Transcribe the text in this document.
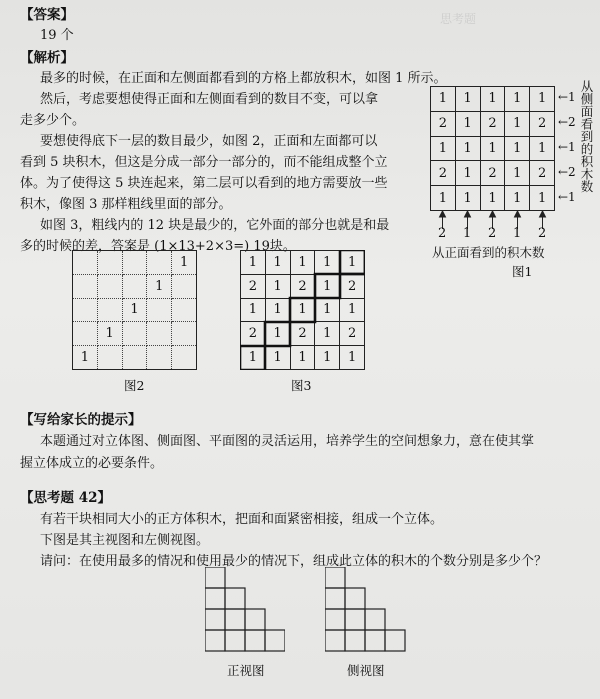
思考题
【答案】
19 个
【解析】
最多的时候，在正面和左侧面都看到的方格上都放积木，如图 1 所示。
然后，考虑要想使得正面和左侧面看到的数目不变，可以拿
走多少个。
要想使得底下一层的数目最少，如图 2，正面和左面都可以
看到 5 块积木，但这是分成一部分一部分的，而不能组成整个立
体。为了使得这 5 块连起来，第二层可以看到的地方需要放一些
积木，像图 3 那样粗线里面的部分。
如图 3，粗线内的 12 块是最少的，它外面的部分也就是和最
多的时候的差，答案是 (1×13+2×3=) 19块。
1	1	1	1	1
2	1	2	1	2
1	1	1	1	1
2	1	2	1	2
1	1	1	1	1
←1
←2
←1
←2
←1
从侧面看到的积木数
2 1 2 1 2
从正面看到的积木数
图1
				1
			1	
		1		
	1			
1				
图2
1	1	1	1	1
2	1	2	1	2
1	1	1	1	1
2	1	2	1	2
1	1	1	1	1
图3
【写给家长的提示】
本题通过对立体图、侧面图、平面图的灵活运用，培养学生的空间想象力，意在使其掌
握立体成立的必要条件。
【思考题 42】
有若干块相同大小的正方体积木，把面和面紧密相接，组成一个立体。
下图是其主视图和左侧视图。
请问：在使用最多的情况和使用最少的情况下，组成此立体的积木的个数分别是多少个？
正视图	侧视图
